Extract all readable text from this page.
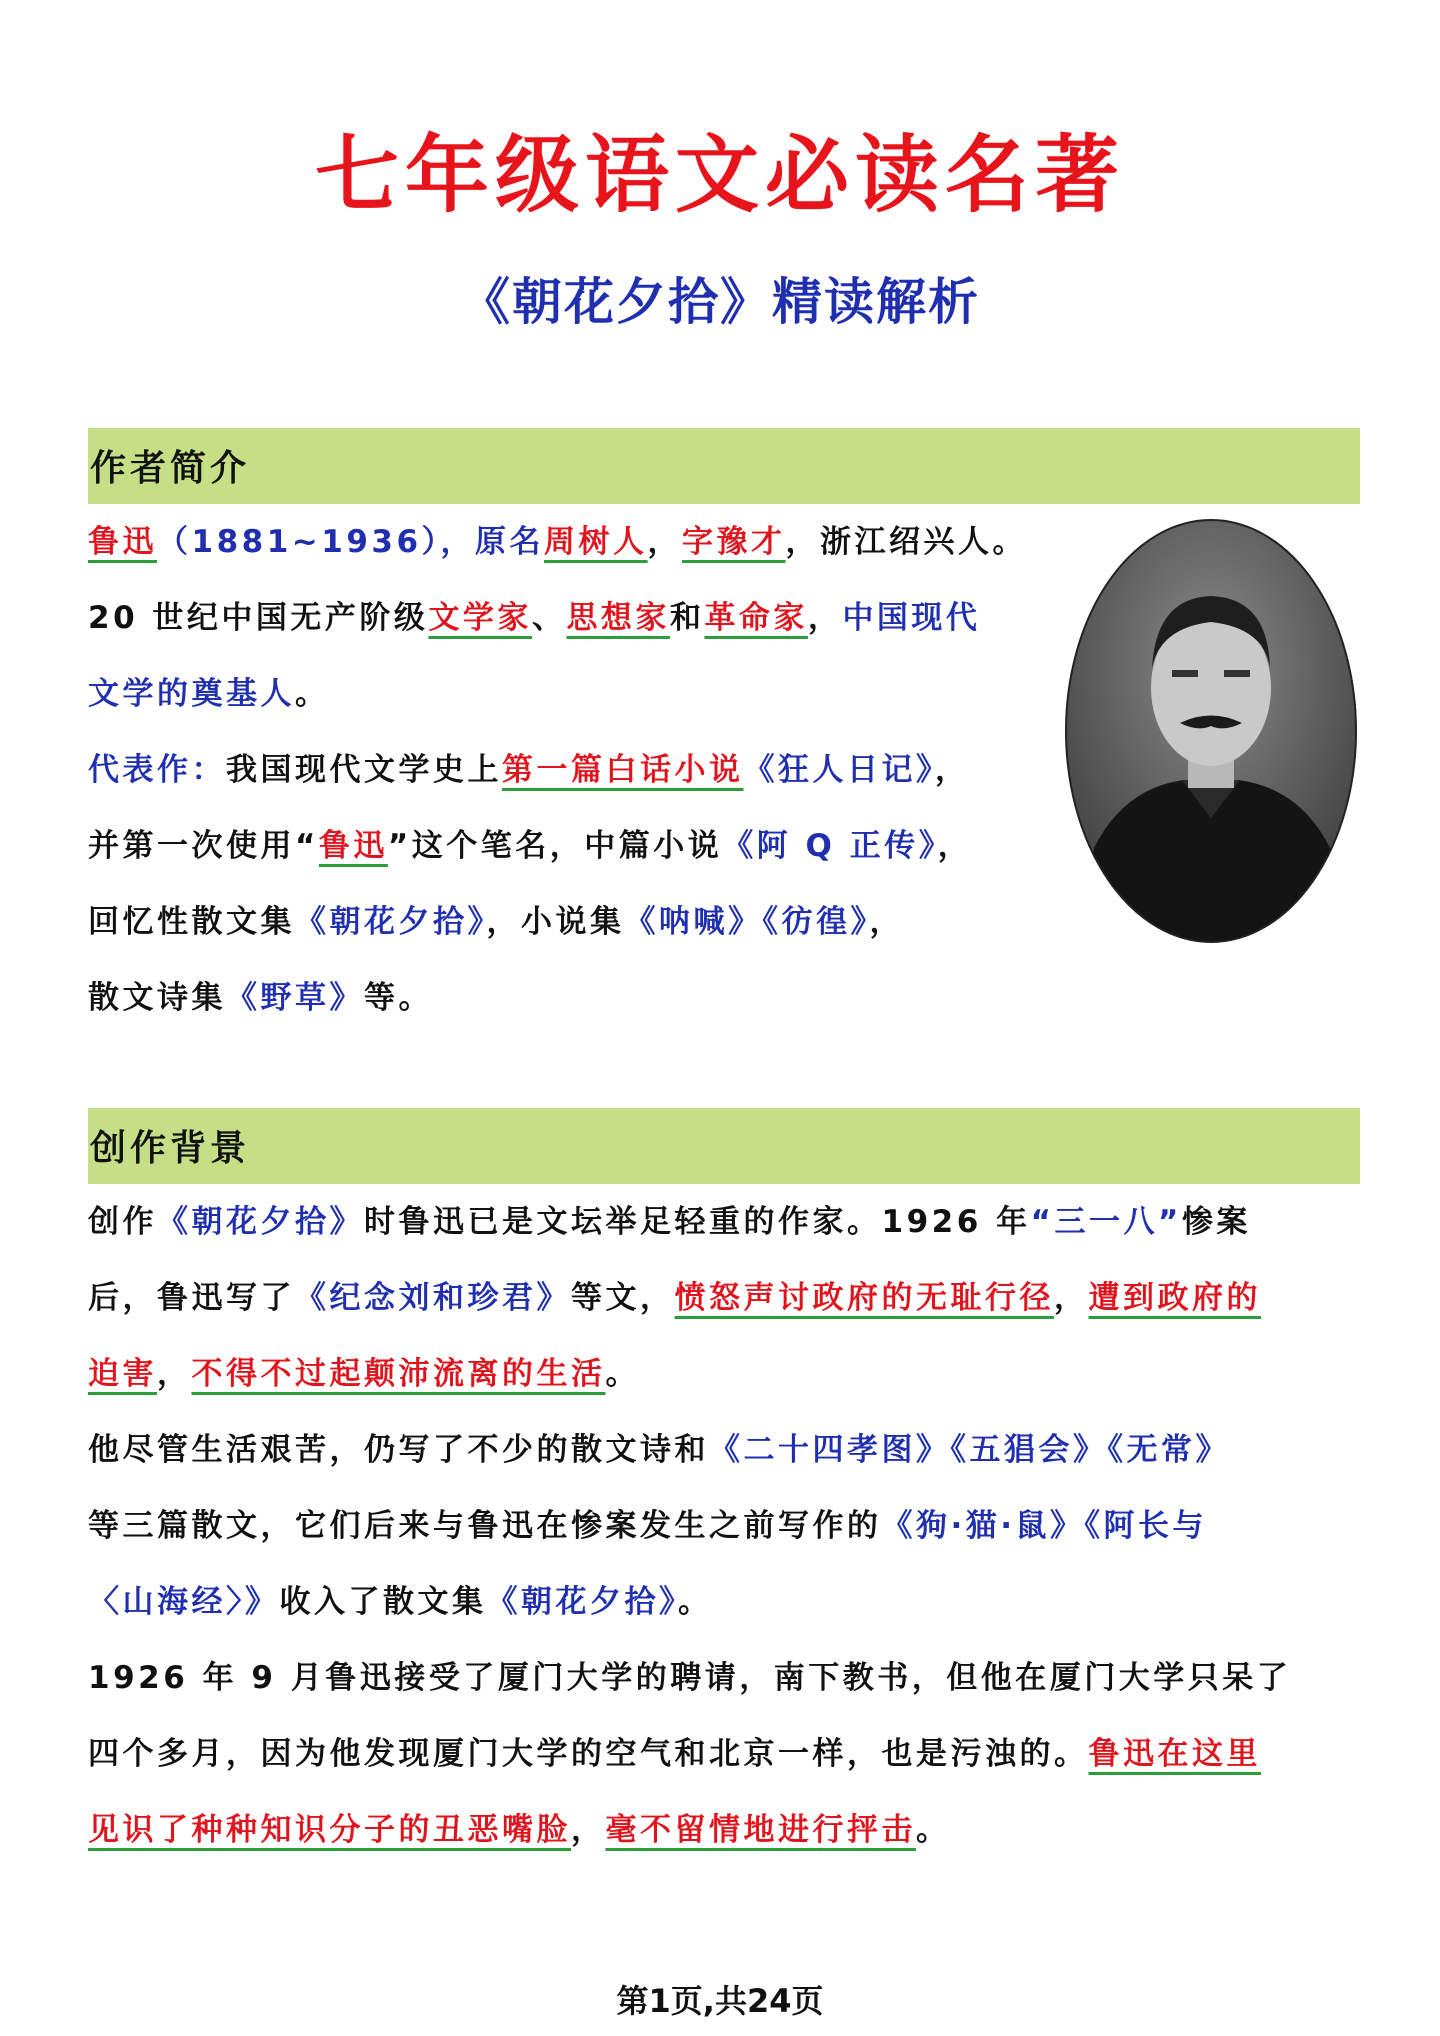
七年级语文必读名著
《朝花夕拾》精读解析
作者简介
鲁迅（1881~1936），原名周树人，字豫才，浙江绍兴人。
20 世纪中国无产阶级文学家、思想家和革命家，中国现代
文学的奠基人。
代表作：我国现代文学史上第一篇白话小说《狂人日记》，
并第一次使用“鲁迅”这个笔名，中篇小说《阿 Q 正传》，
回忆性散文集《朝花夕拾》，小说集《呐喊》《彷徨》，
散文诗集《野草》等。
创作背景
创作《朝花夕拾》时鲁迅已是文坛举足轻重的作家。1926 年“三一八”惨案
后，鲁迅写了《纪念刘和珍君》等文，愤怒声讨政府的无耻行径，遭到政府的
迫害，不得不过起颠沛流离的生活。
他尽管生活艰苦，仍写了不少的散文诗和《二十四孝图》《五猖会》《无常》
等三篇散文，它们后来与鲁迅在惨案发生之前写作的《狗·猫·鼠》《阿长与
〈山海经〉》收入了散文集《朝花夕拾》。
1926 年 9 月鲁迅接受了厦门大学的聘请，南下教书，但他在厦门大学只呆了
四个多月，因为他发现厦门大学的空气和北京一样，也是污浊的。鲁迅在这里
见识了种种知识分子的丑恶嘴脸，毫不留情地进行抨击。
第1页,共24页
